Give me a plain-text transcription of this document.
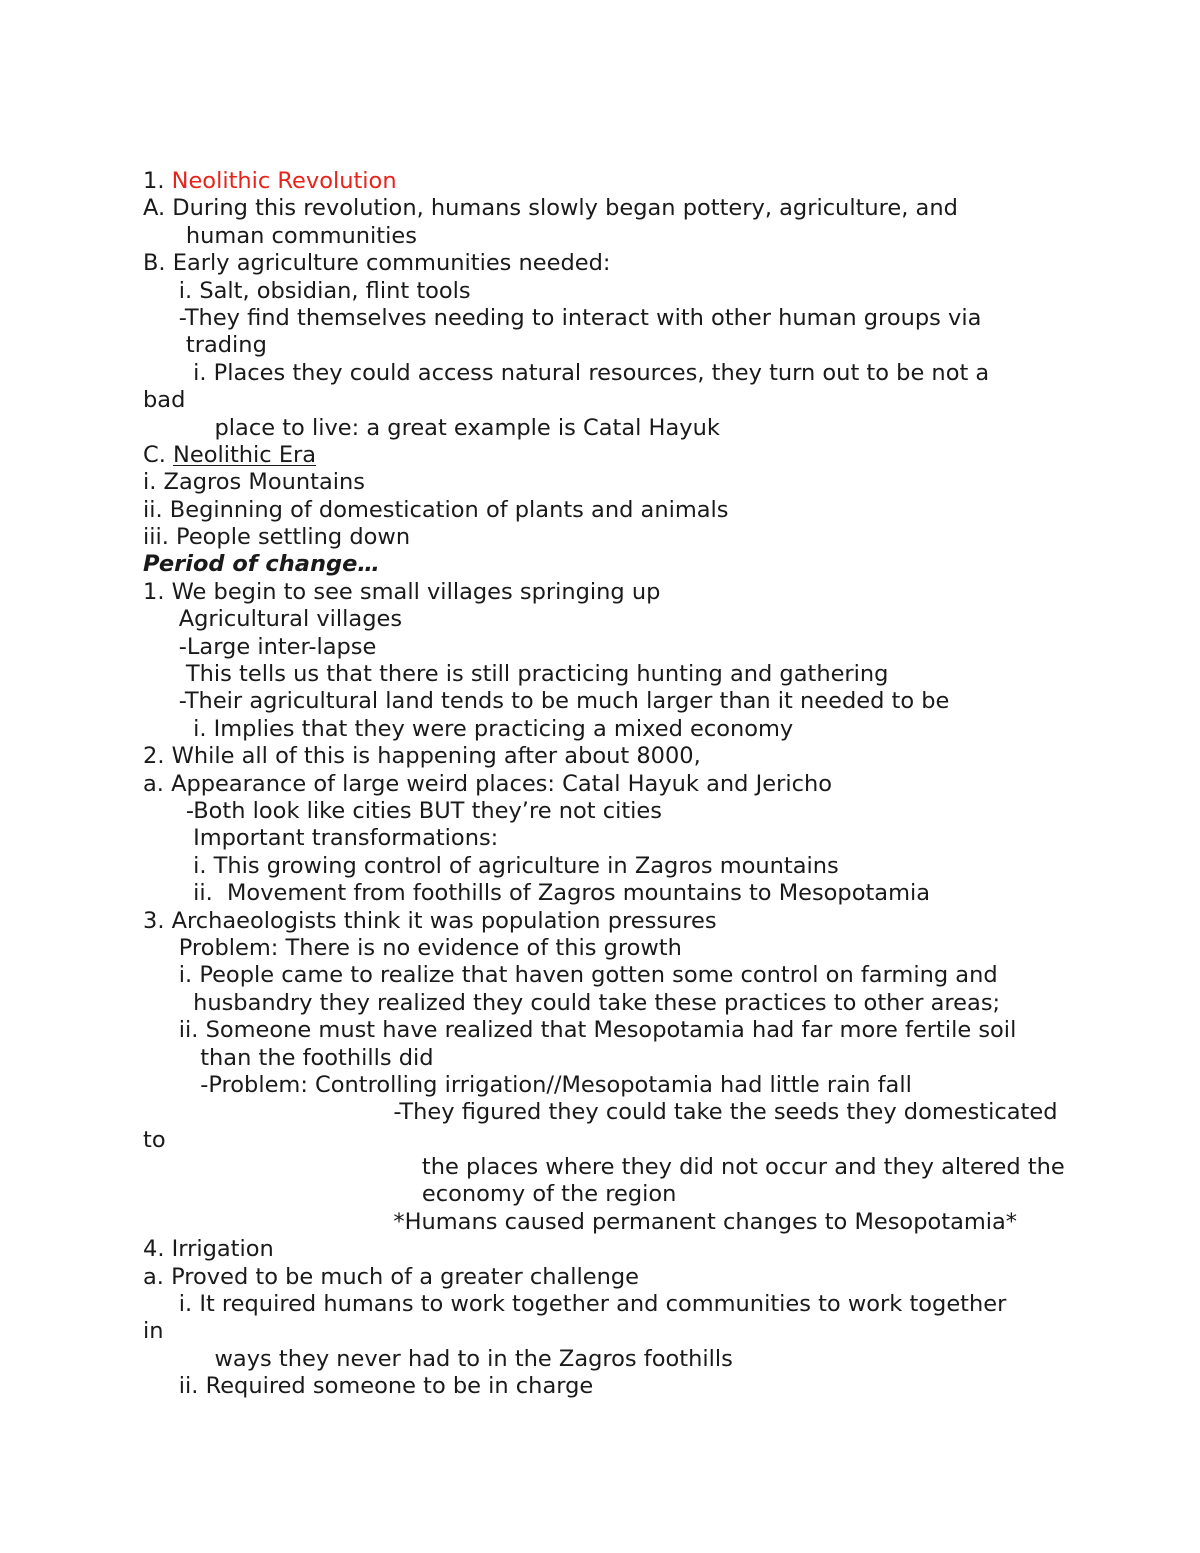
1. Neolithic Revolution
A. During this revolution, humans slowly began pottery, agriculture, and
human communities
B. Early agriculture communities needed:
i. Salt, obsidian, flint tools
-They find themselves needing to interact with other human groups via
trading
i. Places they could access natural resources, they turn out to be not a
bad
place to live: a great example is Catal Hayuk
C. Neolithic Era
i. Zagros Mountains
ii. Beginning of domestication of plants and animals
iii. People settling down
Period of change…
1. We begin to see small villages springing up
Agricultural villages
-Large inter-lapse
This tells us that there is still practicing hunting and gathering
-Their agricultural land tends to be much larger than it needed to be
i. Implies that they were practicing a mixed economy
2. While all of this is happening after about 8000,
a. Appearance of large weird places: Catal Hayuk and Jericho
-Both look like cities BUT they’re not cities
Important transformations:
i. This growing control of agriculture in Zagros mountains
ii.  Movement from foothills of Zagros mountains to Mesopotamia
3. Archaeologists think it was population pressures
Problem: There is no evidence of this growth
i. People came to realize that haven gotten some control on farming and
husbandry they realized they could take these practices to other areas;
ii. Someone must have realized that Mesopotamia had far more fertile soil
than the foothills did
-Problem: Controlling irrigation//Mesopotamia had little rain fall
-They figured they could take the seeds they domesticated
to
the places where they did not occur and they altered the
economy of the region
*Humans caused permanent changes to Mesopotamia*
4. Irrigation
a. Proved to be much of a greater challenge
i. It required humans to work together and communities to work together
in
ways they never had to in the Zagros foothills
ii. Required someone to be in charge
